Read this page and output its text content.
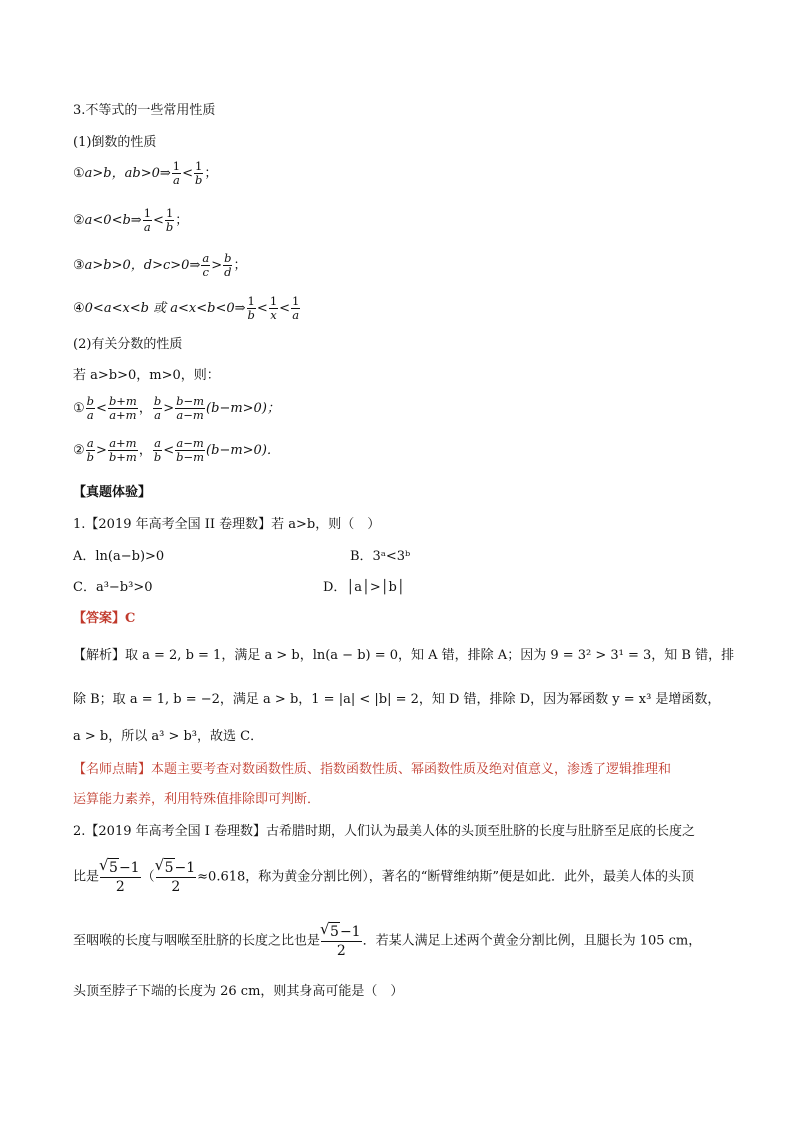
3.不等式的一些常用性质
(1)倒数的性质
①a>b，ab>0⇒ $\frac{1}{a} < \frac{1}{b}$ ；
②a<0<b⇒ $\frac{1}{a} < \frac{1}{b}$ ；
③a>b>0，d>c>0⇒ $\frac{a}{c} > \frac{b}{d}$ ；
④0<a<x<b 或 a<x<b<0⇒ $\frac{1}{b} < \frac{1}{x} < \frac{1}{a}$
(2)有关分数的性质
若 a>b>0，m>0，则：
① $\frac{b}{a} < \frac{b+m}{a+m}$ ， $\frac{b}{a} > \frac{b-m}{a-m} (b-m>0)$；
② $\frac{a}{b} > \frac{a+m}{b+m}$ ， $\frac{a}{b} < \frac{a-m}{b-m} (b-m>0)$．
【真题体验】
1.【2019 年高考全国 II 卷理数】若 a>b，则（　）
A．ln(a−b)>0	B．3ᵃ<3ᵇ
C．a³−b³>0	D．│a│>│b│
【答案】C
【解析】取 a = 2, b = 1，满足 a > b，ln(a − b) = 0，知 A 错，排除 A；因为 9 = 3² > 3¹ = 3，知 B 错，排
除 B；取 a = 1, b = −2，满足 a > b，1 = |a| < |b| = 2，知 D 错，排除 D，因为幂函数 y = x³ 是增函数，
a > b，所以 a³ > b³，故选 C．
【名师点睛】本题主要考查对数函数性质、指数函数性质、幂函数性质及绝对值意义，渗透了逻辑推理和
运算能力素养，利用特殊值排除即可判断．
2.【2019 年高考全国 I 卷理数】古希腊时期，人们认为最美人体的头顶至肚脐的长度与肚脐至足底的长度之
比是 √ $\frac{5-1}{2}$ （ √ $\frac{5-1}{2} \approx 0.618$，称为黄金分割比例），著名的“断臂维纳斯”便是如此．此外，最美人体的头顶
至咽喉的长度与咽喉至肚脐的长度之比也是 √ $\frac{5-1}{2}$ ．若某人满足上述两个黄金分割比例，且腿长为 105 cm，
头顶至脖子下端的长度为 26 cm，则其身高可能是（　）
